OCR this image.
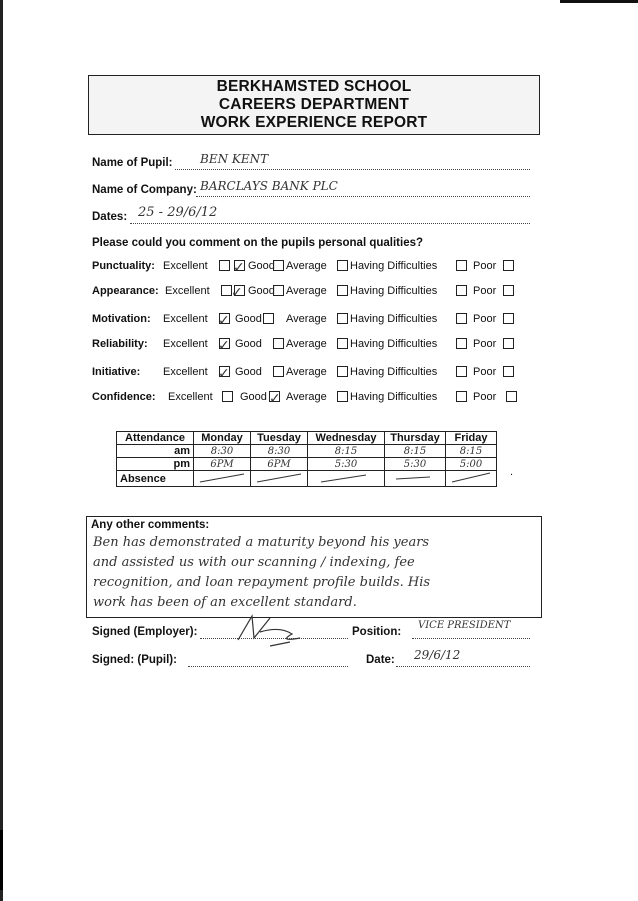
BERKHAMSTED SCHOOL
CAREERS DEPARTMENT
WORK EXPERIENCE REPORT
Name of Pupil: BEN KENT
Name of Company: BARCLAYS BANK PLC
Dates: 25 - 29/6/12
Please could you comment on the pupils personal qualities?
Punctuality: Excellent ✓ Good Average Having Difficulties	Poor
Appearance: Excellent ✓ Good Average Having Difficulties	Poor
Motivation: Excellent ✓ Good Average Having Difficulties	Poor
Reliability: Excellent ✓ Good Average Having Difficulties	Poor
Initiative: Excellent ✓ Good Average Having Difficulties	Poor
Confidence: Excellent Good ✓ Average Having Difficulties	Poor
Attendance	Monday	Tuesday	Wednesday	Thursday	Friday
am	8:30	8:30	8:15	8:15	8:15
pm	6PM	6PM	5:30	5:30	5:00
Absence					
.
Any other comments:
Ben has demonstrated a maturity beyond his years
and assisted us with our scanning / indexing, fee
recognition, and loan repayment profile builds. His
work has been of an excellent standard.
Signed (Employer):	Position:
VICE PRESIDENT
Signed: (Pupil):	Date: 29/6/12
